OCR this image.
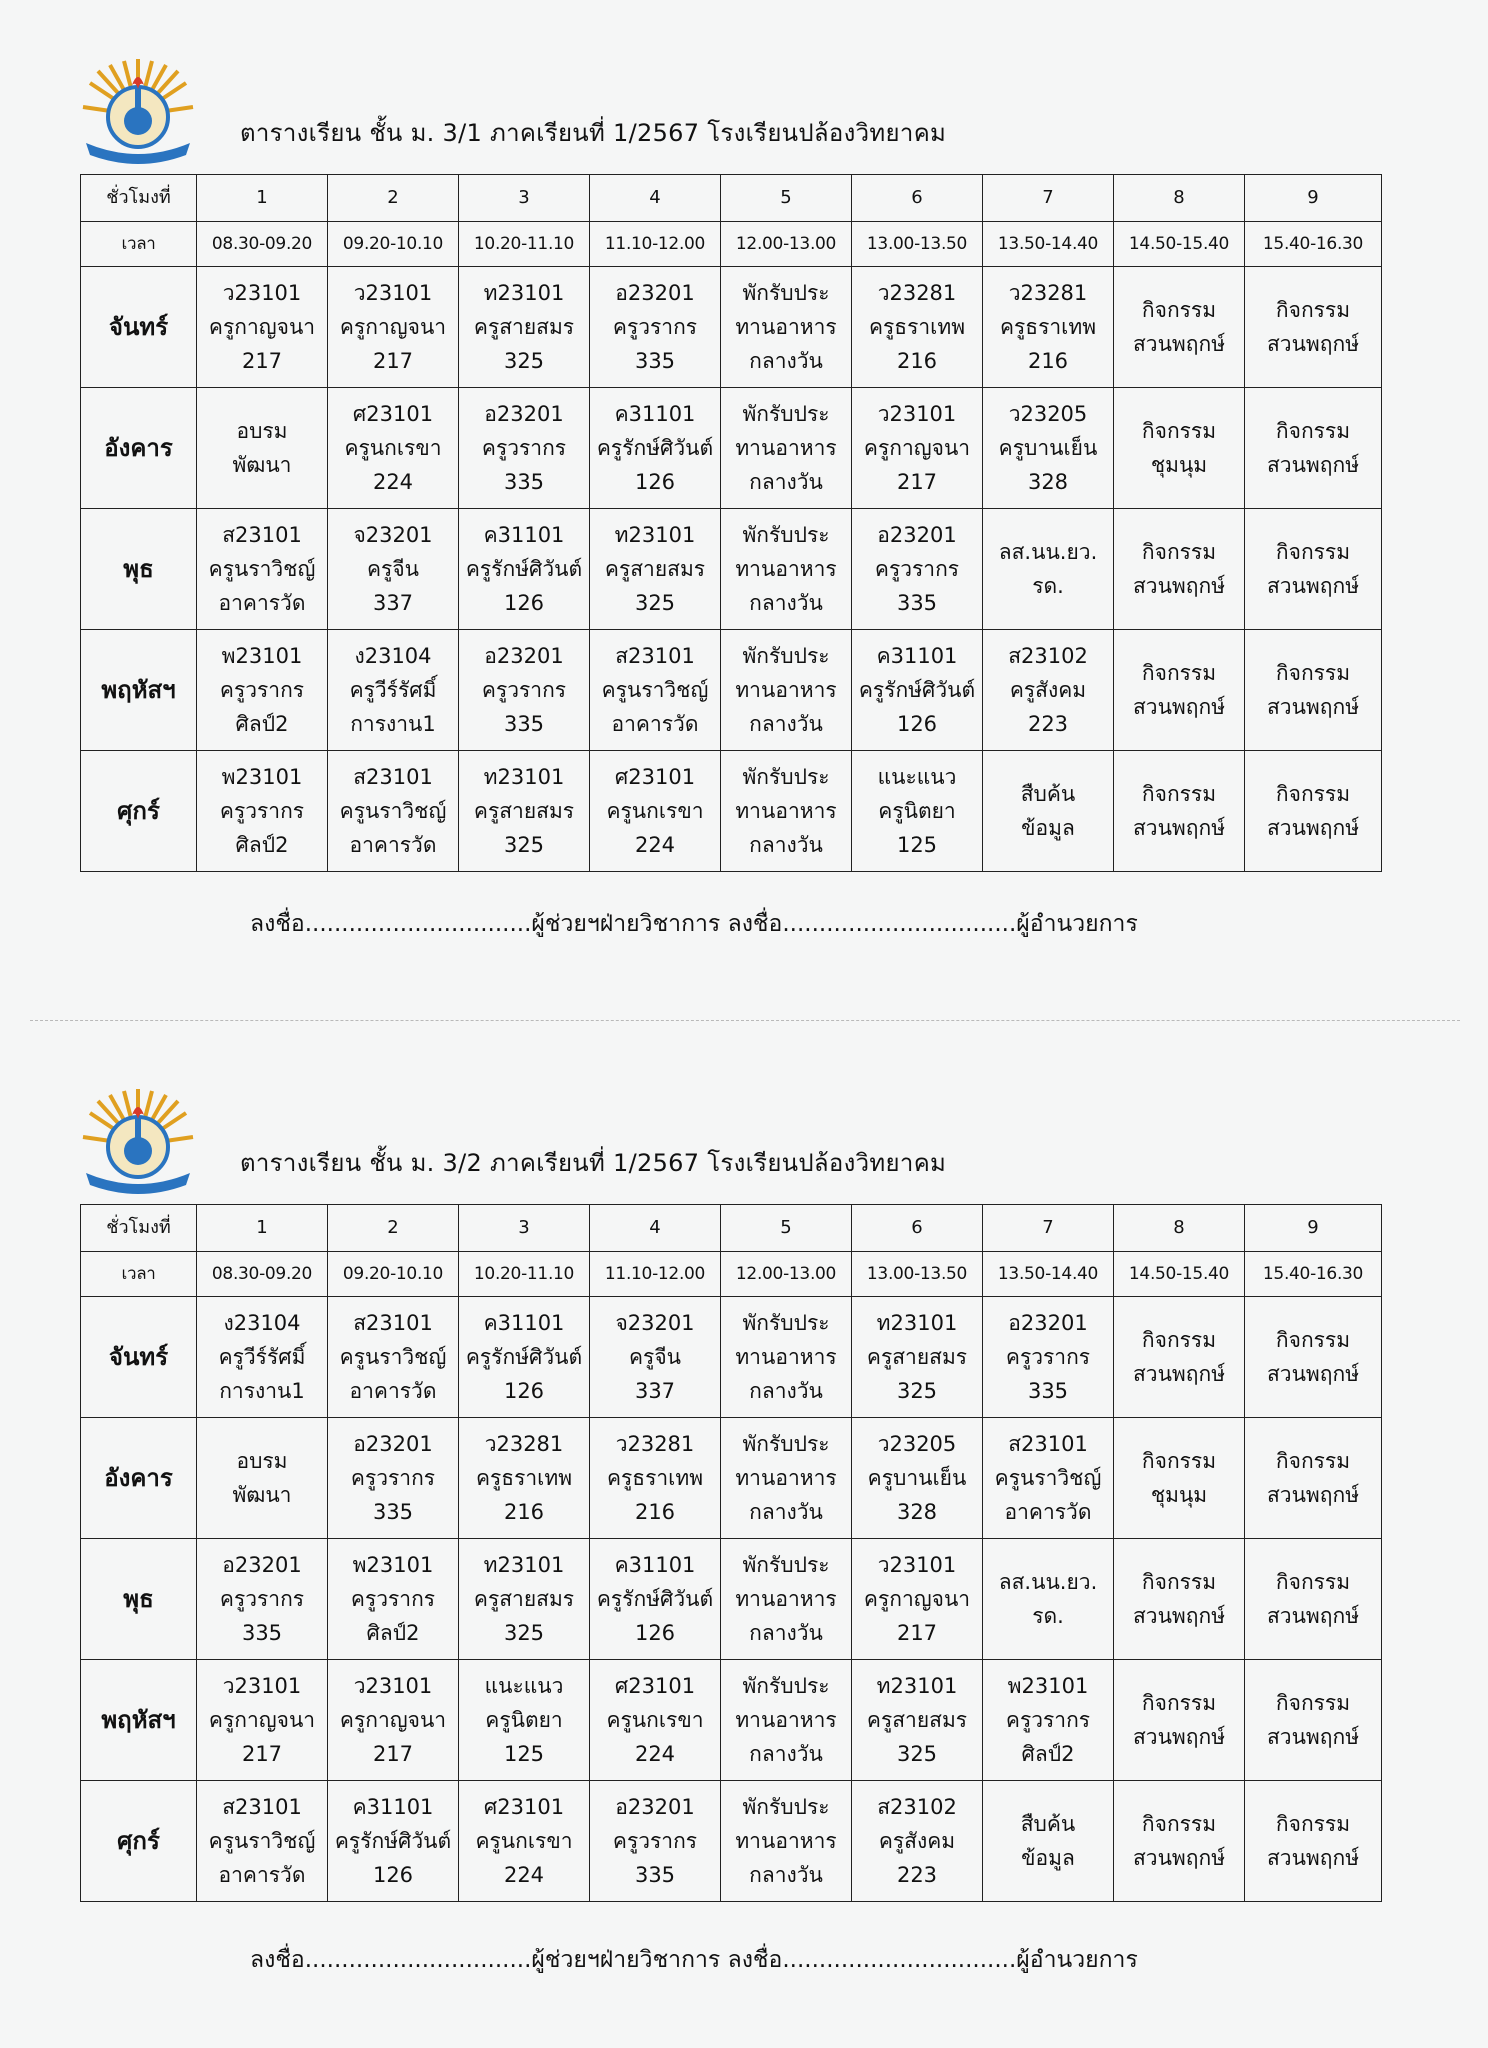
ตารางเรียน ชั้น ม. 3/1 ภาคเรียนที่ 1/2567 โรงเรียนปล้องวิทยาคม
ชั่วโมงที่	1	2	3	4	5	6	7	8	9
เวลา	08.30-09.20	09.20-10.10	10.20-11.10	11.10-12.00	12.00-13.00	13.00-13.50	13.50-14.40	14.50-15.40	15.40-16.30
จันทร์	ว23101
ครูกาญจนา
217	ว23101
ครูกาญจนา
217	ท23101
ครูสายสมร
325	อ23201
ครูวรากร
335	พักรับประ
ทานอาหาร
กลางวัน	ว23281
ครูธราเทพ
216	ว23281
ครูธราเทพ
216	กิจกรรม
สวนพฤกษ์	กิจกรรม
สวนพฤกษ์

อังคาร	อบรม
พัฒนา	ศ23101
ครูนกเรขา
224	อ23201
ครูวรากร
335	ค31101
ครูรักษ์ศิวันต์
126	พักรับประ
ทานอาหาร
กลางวัน	ว23101
ครูกาญจนา
217	ว23205
ครูบานเย็น
328	กิจกรรม
ชุมนุม	กิจกรรม
สวนพฤกษ์

พุธ	ส23101
ครูนราวิชญ์
อาคารวัด	จ23201
ครูจีน
337	ค31101
ครูรักษ์ศิวันต์
126	ท23101
ครูสายสมร
325	พักรับประ
ทานอาหาร
กลางวัน	อ23201
ครูวรากร
335	ลส.นน.ยว.
รด.	กิจกรรม
สวนพฤกษ์	กิจกรรม
สวนพฤกษ์

พฤหัสฯ	พ23101
ครูวรากร
ศิลป์2	ง23104
ครูวีร์รัศมิ์
การงาน1	อ23201
ครูวรากร
335	ส23101
ครูนราวิชญ์
อาคารวัด	พักรับประ
ทานอาหาร
กลางวัน	ค31101
ครูรักษ์ศิวันต์
126	ส23102
ครูสังคม
223	กิจกรรม
สวนพฤกษ์	กิจกรรม
สวนพฤกษ์

ศุกร์	พ23101
ครูวรากร
ศิลป์2	ส23101
ครูนราวิชญ์
อาคารวัด	ท23101
ครูสายสมร
325	ศ23101
ครูนกเรขา
224	พักรับประ
ทานอาหาร
กลางวัน	แนะแนว
ครูนิตยา
125	สืบค้น
ข้อมูล	กิจกรรม
สวนพฤกษ์	กิจกรรม
สวนพฤกษ์
ลงชื่อ...............................ผู้ช่วยฯฝ่ายวิชาการ ลงชื่อ................................ผู้อำนวยการ
ตารางเรียน ชั้น ม. 3/2 ภาคเรียนที่ 1/2567 โรงเรียนปล้องวิทยาคม
ชั่วโมงที่	1	2	3	4	5	6	7	8	9
เวลา	08.30-09.20	09.20-10.10	10.20-11.10	11.10-12.00	12.00-13.00	13.00-13.50	13.50-14.40	14.50-15.40	15.40-16.30
จันทร์	ง23104
ครูวีร์รัศมิ์
การงาน1	ส23101
ครูนราวิชญ์
อาคารวัด	ค31101
ครูรักษ์ศิวันต์
126	จ23201
ครูจีน
337	พักรับประ
ทานอาหาร
กลางวัน	ท23101
ครูสายสมร
325	อ23201
ครูวรากร
335	กิจกรรม
สวนพฤกษ์	กิจกรรม
สวนพฤกษ์

อังคาร	อบรม
พัฒนา	อ23201
ครูวรากร
335	ว23281
ครูธราเทพ
216	ว23281
ครูธราเทพ
216	พักรับประ
ทานอาหาร
กลางวัน	ว23205
ครูบานเย็น
328	ส23101
ครูนราวิชญ์
อาคารวัด	กิจกรรม
ชุมนุม	กิจกรรม
สวนพฤกษ์

พุธ	อ23201
ครูวรากร
335	พ23101
ครูวรากร
ศิลป์2	ท23101
ครูสายสมร
325	ค31101
ครูรักษ์ศิวันต์
126	พักรับประ
ทานอาหาร
กลางวัน	ว23101
ครูกาญจนา
217	ลส.นน.ยว.
รด.	กิจกรรม
สวนพฤกษ์	กิจกรรม
สวนพฤกษ์

พฤหัสฯ	ว23101
ครูกาญจนา
217	ว23101
ครูกาญจนา
217	แนะแนว
ครูนิตยา
125	ศ23101
ครูนกเรขา
224	พักรับประ
ทานอาหาร
กลางวัน	ท23101
ครูสายสมร
325	พ23101
ครูวรากร
ศิลป์2	กิจกรรม
สวนพฤกษ์	กิจกรรม
สวนพฤกษ์

ศุกร์	ส23101
ครูนราวิชญ์
อาคารวัด	ค31101
ครูรักษ์ศิวันต์
126	ศ23101
ครูนกเรขา
224	อ23201
ครูวรากร
335	พักรับประ
ทานอาหาร
กลางวัน	ส23102
ครูสังคม
223	สืบค้น
ข้อมูล	กิจกรรม
สวนพฤกษ์	กิจกรรม
สวนพฤกษ์
ลงชื่อ...............................ผู้ช่วยฯฝ่ายวิชาการ ลงชื่อ................................ผู้อำนวยการ
